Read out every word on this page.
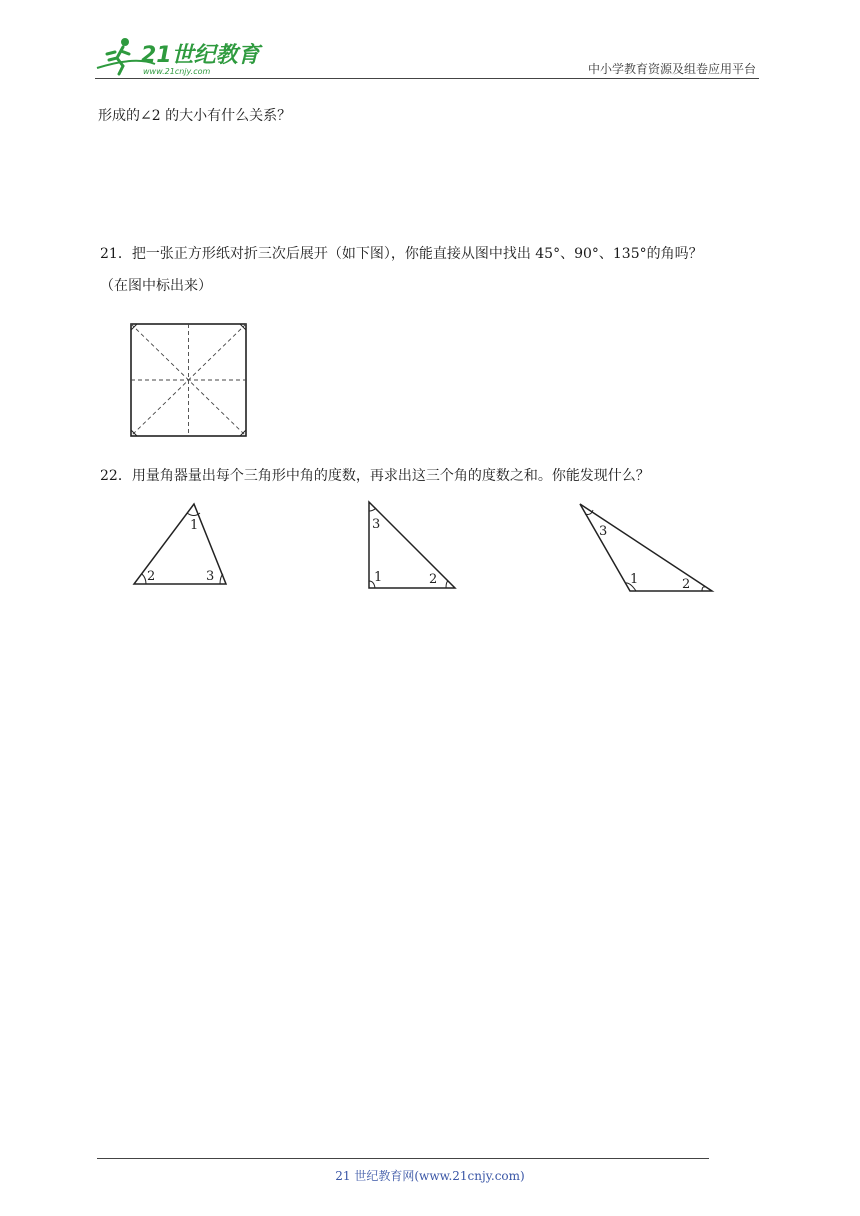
21世纪教育
www.21cnjy.com	中小学教育资源及组卷应用平台
形成的∠2 的大小有什么关系？
21．把一张正方形纸对折三次后展开（如下图），你能直接从图中找出 45°、90°、135°的角吗？
（在图中标出来）
22．用量角器量出每个三角形中角的度数，再求出这三个角的度数之和。你能发现什么？
1
2	3
3
1	2
3
1	2
21 世纪教育网(www.21cnjy.com)
